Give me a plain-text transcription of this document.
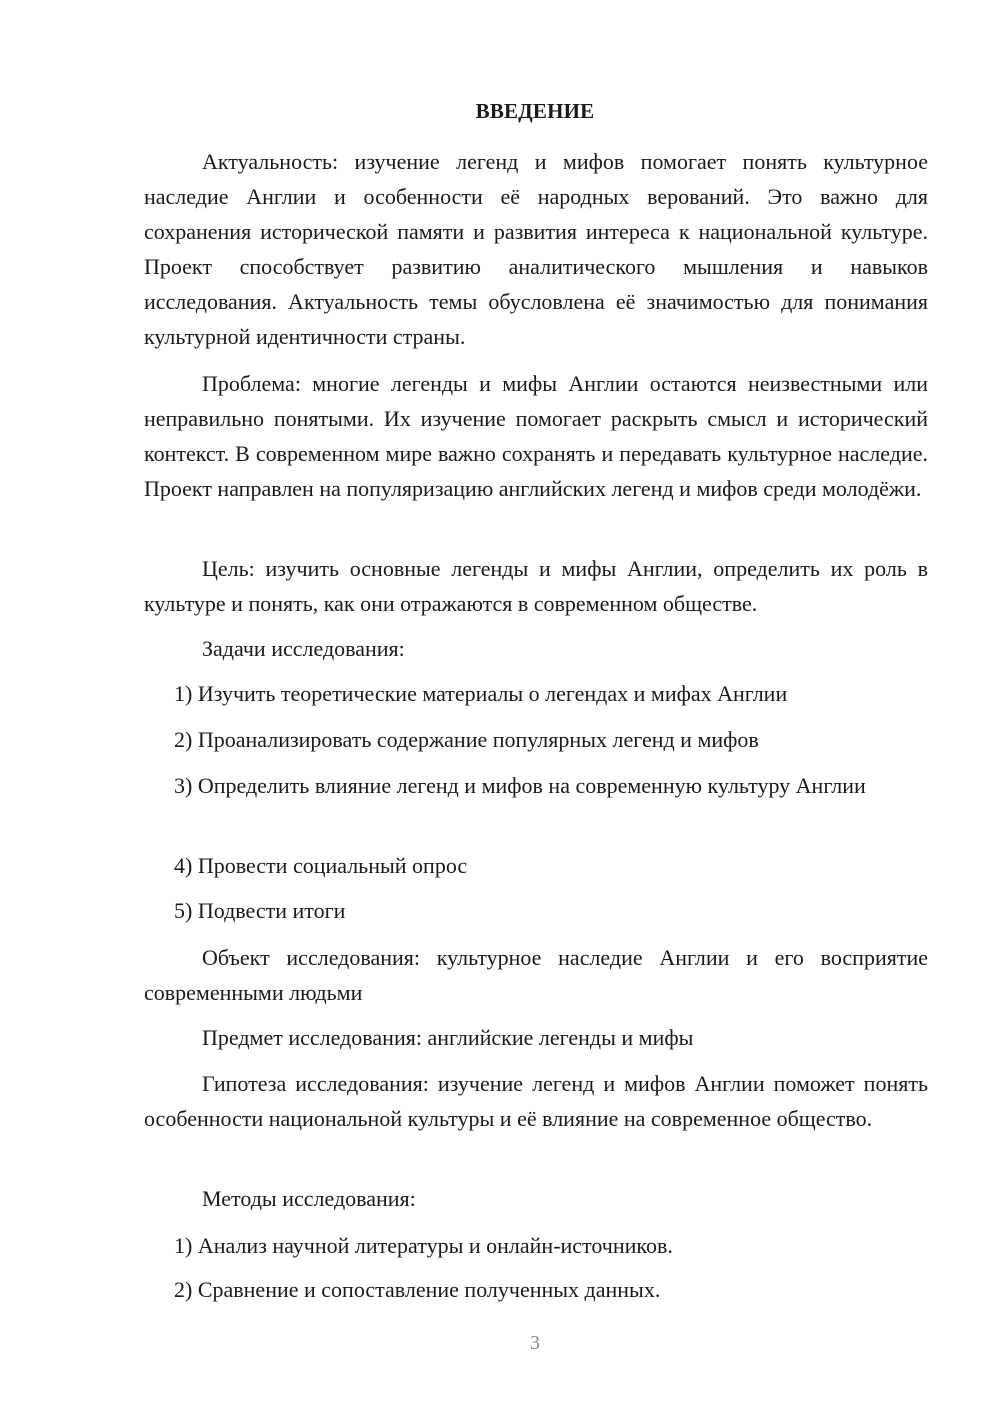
ВВЕДЕНИЕ
Актуальность: изучение легенд и мифов помогает понять культурное наследие Англии и особенности её народных верований. Это важно для сохранения исторической памяти и развития интереса к национальной культуре. Проект способствует развитию аналитического мышления и навыков исследования. Актуальность темы обусловлена её значимостью для понимания культурной идентичности страны.
Проблема: многие легенды и мифы Англии остаются неизвестными или неправильно понятыми. Их изучение помогает раскрыть смысл и исторический контекст. В современном мире важно сохранять и передавать культурное наследие. Проект направлен на популяризацию английских легенд и мифов среди молодёжи.
Цель: изучить основные легенды и мифы Англии, определить их роль в культуре и понять, как они отражаются в современном обществе.
Задачи исследования:
1) Изучить теоретические материалы о легендах и мифах Англии
2) Проанализировать содержание популярных легенд и мифов
3) Определить влияние легенд и мифов на современную культуру Англии
4) Провести социальный опрос
5) Подвести итоги
Объект исследования: культурное наследие Англии и его восприятие современными людьми
Предмет исследования: английские легенды и мифы
Гипотеза исследования: изучение легенд и мифов Англии поможет понять особенности национальной культуры и её влияние на современное общество.
Методы исследования:
1) Анализ научной литературы и онлайн-источников.
2) Сравнение и сопоставление полученных данных.
3
